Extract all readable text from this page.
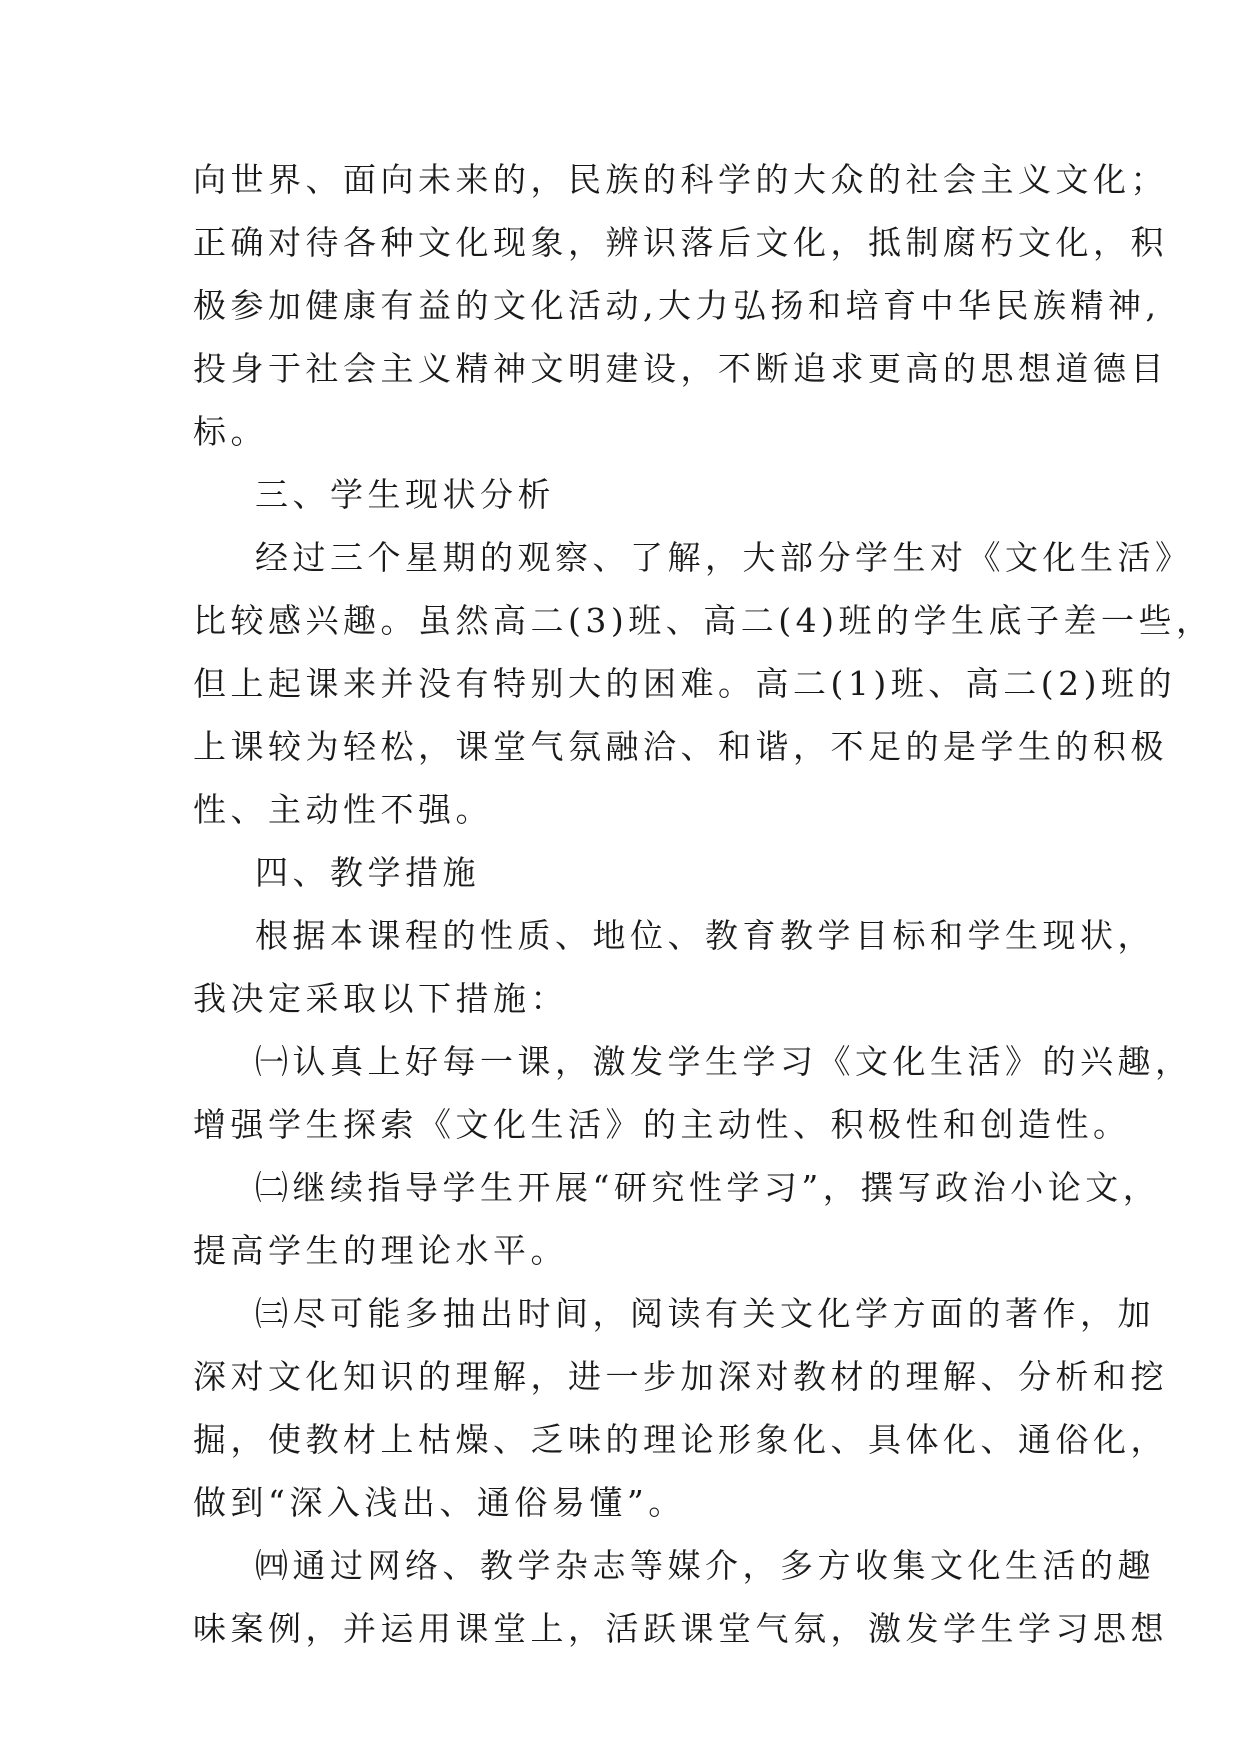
向世界、面向未来的，民族的科学的大众的社会主义文化；
正确对待各种文化现象，辨识落后文化，抵制腐朽文化，积
极参加健康有益的文化活动,大力弘扬和培育中华民族精神,
投身于社会主义精神文明建设，不断追求更高的思想道德目
标。
三、学生现状分析
经过三个星期的观察、了解，大部分学生对《文化生活》
比较感兴趣。虽然高二(3)班、高二(4)班的学生底子差一些，
但上起课来并没有特别大的困难。高二(1)班、高二(2)班的
上课较为轻松，课堂气氛融洽、和谐，不足的是学生的积极
性、主动性不强。
四、教学措施
根据本课程的性质、地位、教育教学目标和学生现状，
我决定采取以下措施：
㈠认真上好每一课，激发学生学习《文化生活》的兴趣，
增强学生探索《文化生活》的主动性、积极性和创造性。
㈡继续指导学生开展“研究性学习”，撰写政治小论文，
提高学生的理论水平。
㈢尽可能多抽出时间，阅读有关文化学方面的著作，加
深对文化知识的理解，进一步加深对教材的理解、分析和挖
掘，使教材上枯燥、乏味的理论形象化、具体化、通俗化，
做到“深入浅出、通俗易懂”。
㈣通过网络、教学杂志等媒介，多方收集文化生活的趣
味案例，并运用课堂上，活跃课堂气氛，激发学生学习思想
